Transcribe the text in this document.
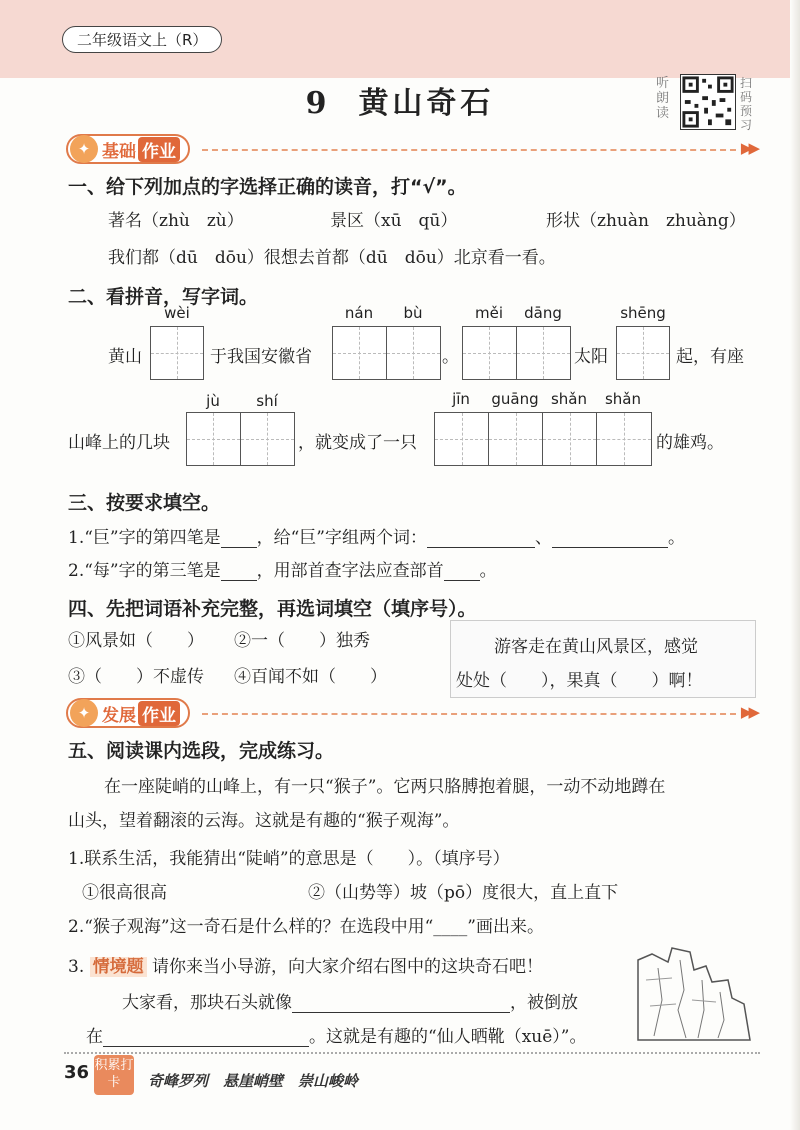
二年级语文上（R）
9 黄山奇石
听朗读
扫码预习
✦ 基础 作业	▶▶
一、给下列加点的字选择正确的读音，打“√”。
著名（zhù　zù）	景区（xū　qū）	形状（zhuàn　zhuàng）
我们都（dū　dōu）很想去首都（dū　dōu）北京看一看。
二、看拼音，写字词。
wèi	nán	bù	měi	dāng	shēng
黄山	于我国安徽省	。	太阳	起，有座
jù	shí	jīn	guāng shǎn	shǎn
山峰上的几块	，就变成了一只	的雄鸡。
三、按要求填空。
1.“巨”字的第四笔是 ，给“巨”字组两个词：	、	。
2.“每”字的第三笔是 ，用部首查字法应查部首 。
四、先把词语补充完整，再选词填空（填序号）。
①风景如（　　） ②一（　　）独秀
③（　　）不虚传 ④百闻不如（　　）
游客走在黄山风景区，感觉
处处（　　），果真（　　）啊！
✦ 发展 作业	▶▶
五、阅读课内选段，完成练习。
在一座陡峭的山峰上，有一只“猴子”。它两只胳膊抱着腿，一动不动地蹲在
山头，望着翻滚的云海。这就是有趣的“猴子观海”。
1.联系生活，我能猜出“陡峭”的意思是（　　）。（填序号）
①很高很高	②（山势等）坡（pō）度很大，直上直下
2.“猴子观海”这一奇石是什么样的？在选段中用“____”画出来。
3. 情境题 请你来当小导游，向大家介绍右图中的这块奇石吧！
大家看，那块石头就像	，被倒放
在	。这就是有趣的“仙人晒靴（xuē）”。
36 积累打卡	奇峰罗列　悬崖峭壁　崇山峻岭
